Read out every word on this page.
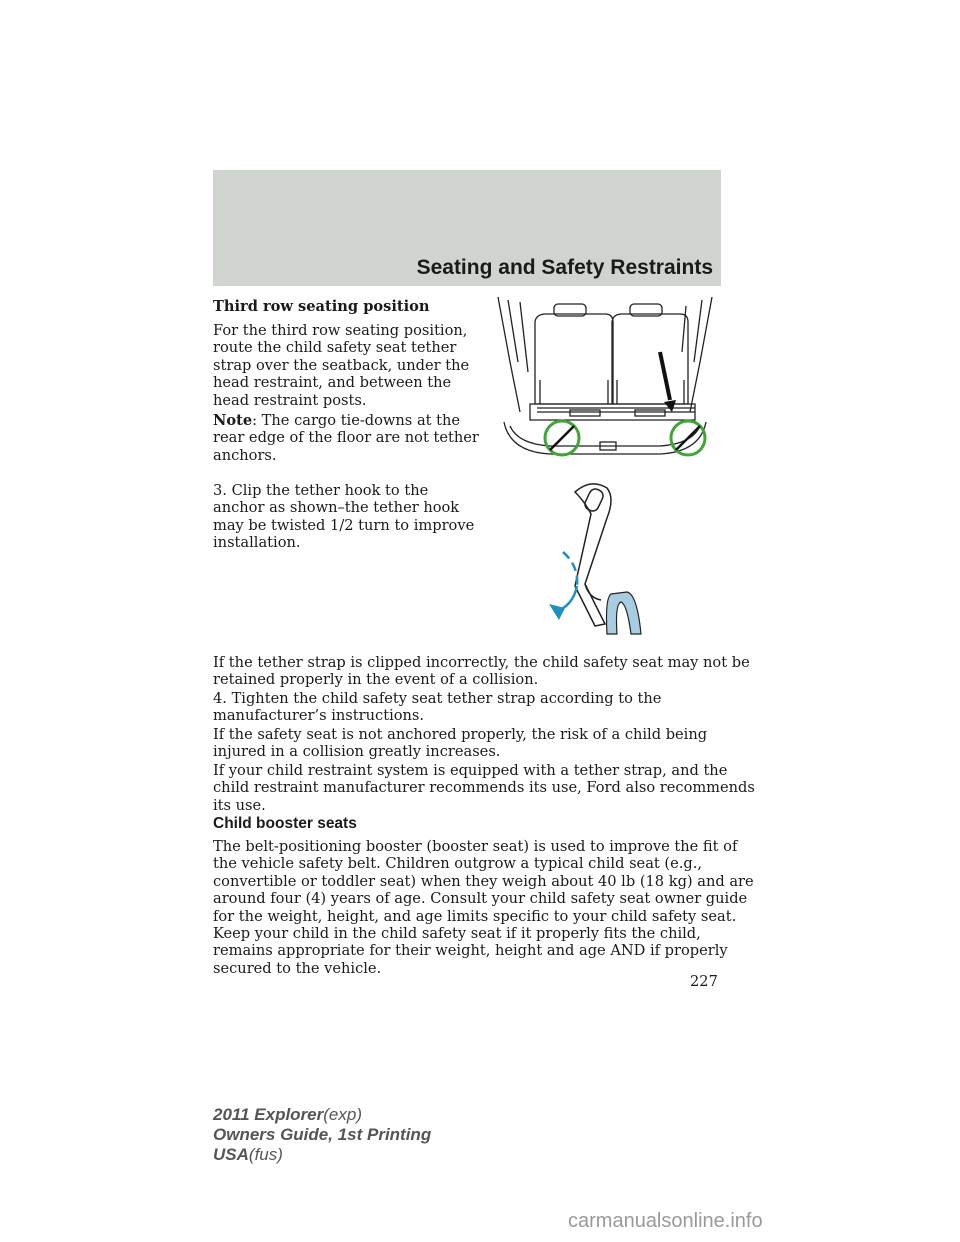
Seating and Safety Restraints
Third row seating position
For the third row seating position,
route the child safety seat tether
strap over the seatback, under the
head restraint, and between the
head restraint posts.
Note: The cargo tie-downs at the
rear edge of the floor are not tether
anchors.
3. Clip the tether hook to the
anchor as shown–the tether hook
may be twisted 1/2 turn to improve
installation.
If the tether strap is clipped incorrectly, the child safety seat may not be
retained properly in the event of a collision.
4. Tighten the child safety seat tether strap according to the
manufacturer’s instructions.
If the safety seat is not anchored properly, the risk of a child being
injured in a collision greatly increases.
If your child restraint system is equipped with a tether strap, and the
child restraint manufacturer recommends its use, Ford also recommends
its use.
Child booster seats
The belt-positioning booster (booster seat) is used to improve the fit of
the vehicle safety belt. Children outgrow a typical child seat (e.g.,
convertible or toddler seat) when they weigh about 40 lb (18 kg) and are
around four (4) years of age. Consult your child safety seat owner guide
for the weight, height, and age limits specific to your child safety seat.
Keep your child in the child safety seat if it properly fits the child,
remains appropriate for their weight, height and age AND if properly
secured to the vehicle.
227
2011 Explorer(exp)
Owners Guide, 1st Printing
USA(fus)
carmanualsonline.info
